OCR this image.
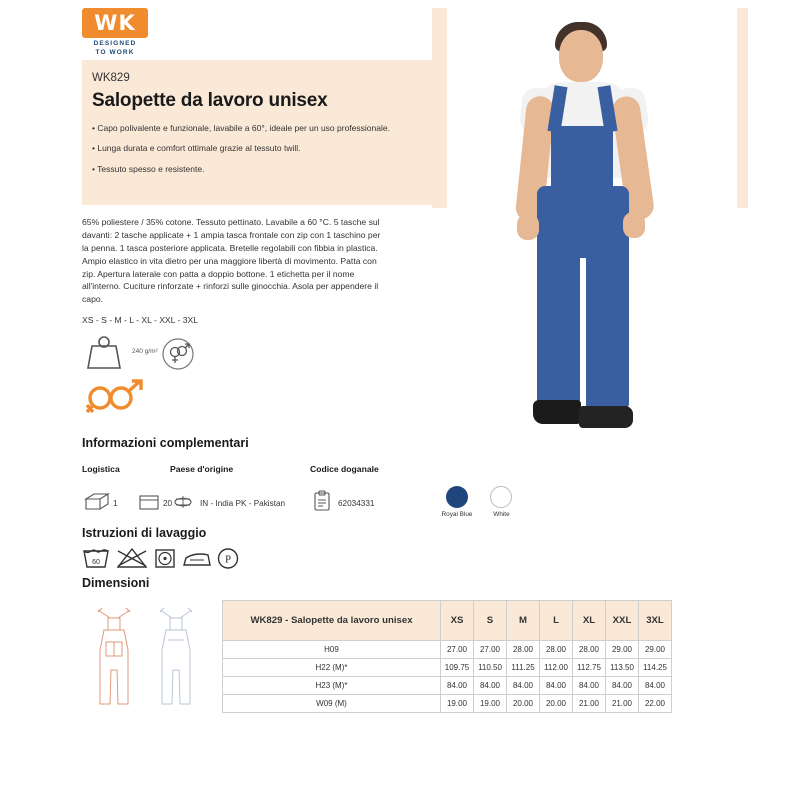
WK
DESIGNED
TO WORK
WK829
Salopette da lavoro unisex
• Capo polivalente e funzionale, lavabile a 60°, ideale per un uso professionale.
• Lunga durata e comfort ottimale grazie al tessuto twill.
• Tessuto spesso e resistente.
65% poliestere / 35% cotone. Tessuto pettinato. Lavabile a 60 °C. 5 tasche sul davanti: 2 tasche applicate + 1 ampia tasca frontale con zip con 1 taschino per la penna. 1 tasca posteriore applicata. Bretelle regolabili con fibbia in plastica. Ampio elastico in vita dietro per una maggiore libertà di movimento. Patta con zip. Apertura laterale con patta a doppio bottone. 1 etichetta per il nome all'interno. Cuciture rinforzate + rinforzi sulle ginocchia. Asola per appendere il capo.
XS - S - M - L - XL - XXL - 3XL
240 g/m²
Informazioni complementari
Logistica	Paese d'origine	Codice doganale
1	20	IN - India PK - Pakistan	62034331
Istruzioni di lavaggio
60	P
Royal Blue
	White
Dimensioni
WK829 - Salopette da lavoro unisex	XS	S	M	L	XL	XXL	3XL
H09	27.00	27.00	28.00	28.00	28.00	29.00	29.00
H22 (M)*	109.75	110.50	111.25	112.00	112.75	113.50	114.25
H23 (M)*	84.00	84.00	84.00	84.00	84.00	84.00	84.00
W09 (M)	19.00	19.00	20.00	20.00	21.00	21.00	22.00
